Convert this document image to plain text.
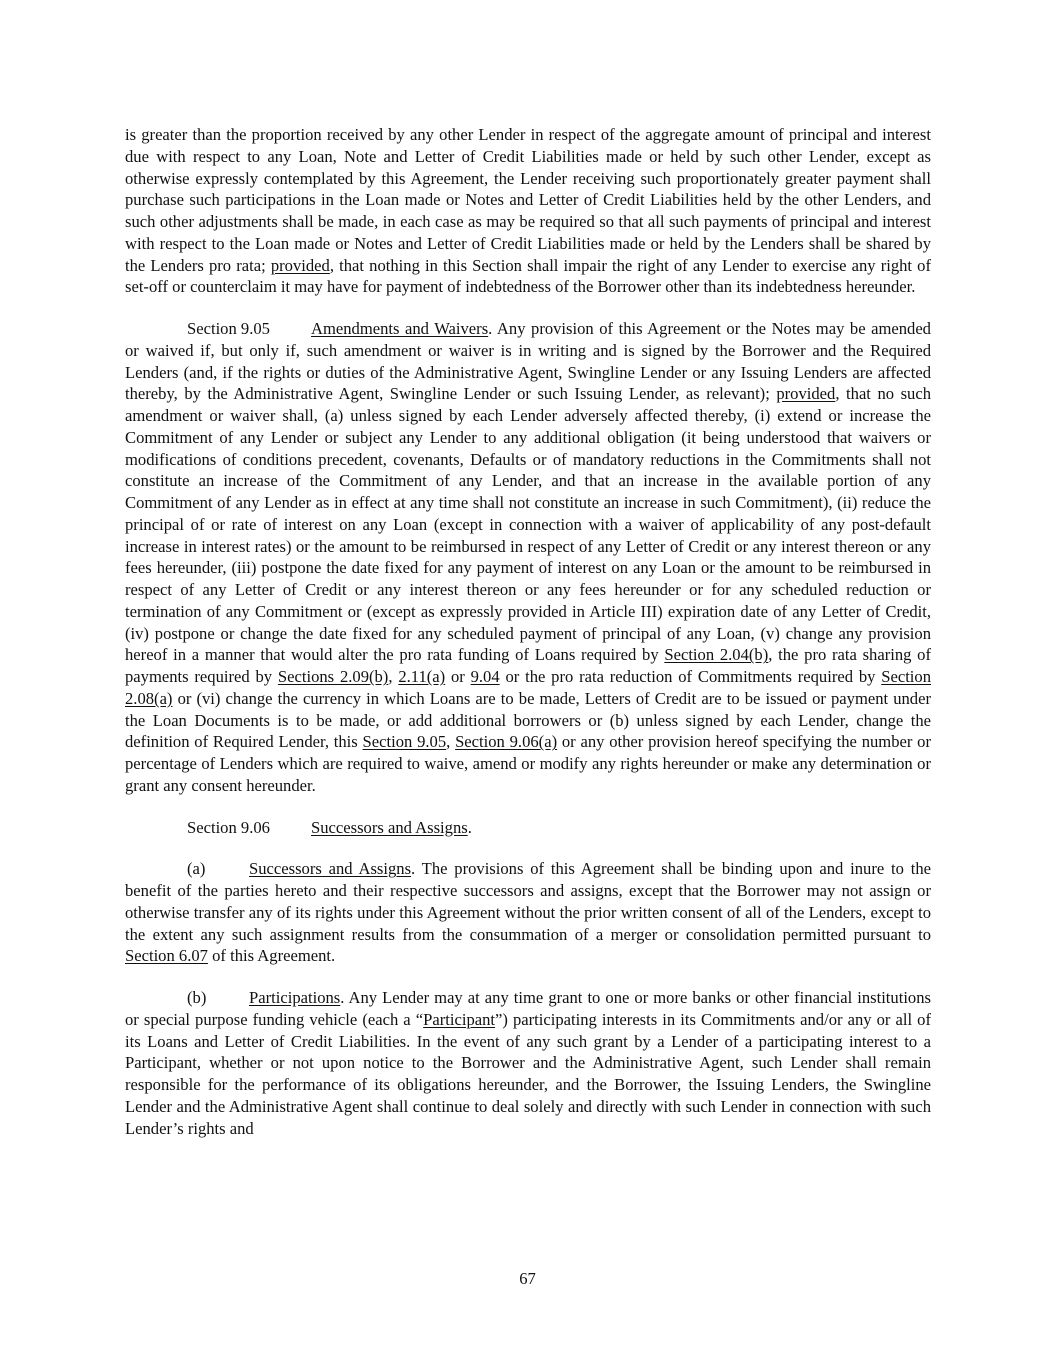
is greater than the proportion received by any other Lender in respect of the aggregate amount of principal and interest due with respect to any Loan, Note and Letter of Credit Liabilities made or held by such other Lender, except as otherwise expressly contemplated by this Agreement, the Lender receiving such proportionately greater payment shall purchase such participations in the Loan made or Notes and Letter of Credit Liabilities held by the other Lenders, and such other adjustments shall be made, in each case as may be required so that all such payments of principal and interest with respect to the Loan made or Notes and Letter of Credit Liabilities made or held by the Lenders shall be shared by the Lenders pro rata; provided, that nothing in this Section shall impair the right of any Lender to exercise any right of set-off or counterclaim it may have for payment of indebtedness of the Borrower other than its indebtedness hereunder.

Section 9.05 Amendments and Waivers. Any provision of this Agreement or the Notes may be amended or waived if, but only if, such amendment or waiver is in writing and is signed by the Borrower and the Required Lenders (and, if the rights or duties of the Administrative Agent, Swingline Lender or any Issuing Lenders are affected thereby, by the Administrative Agent, Swingline Lender or such Issuing Lender, as relevant); provided, that no such amendment or waiver shall, (a) unless signed by each Lender adversely affected thereby, (i) extend or increase the Commitment of any Lender or subject any Lender to any additional obligation (it being understood that waivers or modifications of conditions precedent, covenants, Defaults or of mandatory reductions in the Commitments shall not constitute an increase of the Commitment of any Lender, and that an increase in the available portion of any Commitment of any Lender as in effect at any time shall not constitute an increase in such Commitment), (ii) reduce the principal of or rate of interest on any Loan (except in connection with a waiver of applicability of any post-default increase in interest rates) or the amount to be reimbursed in respect of any Letter of Credit or any interest thereon or any fees hereunder, (iii) postpone the date fixed for any payment of interest on any Loan or the amount to be reimbursed in respect of any Letter of Credit or any interest thereon or any fees hereunder or for any scheduled reduction or termination of any Commitment or (except as expressly provided in Article III) expiration date of any Letter of Credit, (iv) postpone or change the date fixed for any scheduled payment of principal of any Loan, (v) change any provision hereof in a manner that would alter the pro rata funding of Loans required by Section 2.04(b), the pro rata sharing of payments required by Sections 2.09(b), 2.11(a) or 9.04 or the pro rata reduction of Commitments required by Section 2.08(a) or (vi) change the currency in which Loans are to be made, Letters of Credit are to be issued or payment under the Loan Documents is to be made, or add additional borrowers or (b) unless signed by each Lender, change the definition of Required Lender, this Section 9.05, Section 9.06(a) or any other provision hereof specifying the number or percentage of Lenders which are required to waive, amend or modify any rights hereunder or make any determination or grant any consent hereunder.

Section 9.06 Successors and Assigns.

(a)	Successors and Assigns. The provisions of this Agreement shall be binding upon and inure to the benefit of the parties hereto and their respective successors and assigns, except that the Borrower may not assign or otherwise transfer any of its rights under this Agreement without the prior written consent of all of the Lenders, except to the extent any such assignment results from the consummation of a merger or consolidation permitted pursuant to Section 6.07 of this Agreement.

(b)	Participations. Any Lender may at any time grant to one or more banks or other financial institutions or special purpose funding vehicle (each a “Participant”) participating interests in its Commitments and/or any or all of its Loans and Letter of Credit Liabilities. In the event of any such grant by a Lender of a participating interest to a Participant, whether or not upon notice to the Borrower and the Administrative Agent, such Lender shall remain responsible for the performance of its obligations hereunder, and the Borrower, the Issuing Lenders, the Swingline Lender and the Administrative Agent shall continue to deal solely and directly with such Lender in connection with such Lender’s rights and

67
